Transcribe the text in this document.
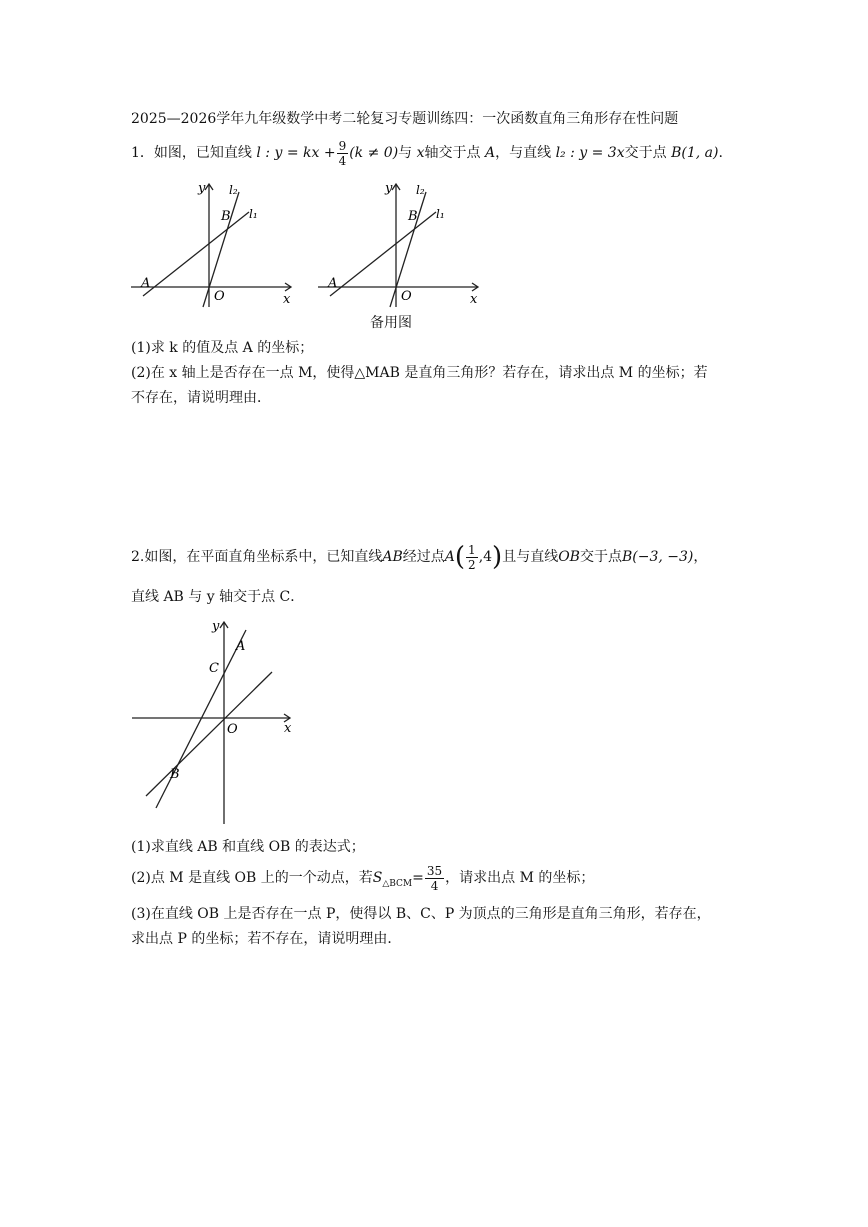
2025—2026学年九年级数学中考二轮复习专题训练四：一次函数直角三角形存在性问题
1．如图，已知直线 l : y = kx + $\frac{9}{4} (k \ne 0)$与 x轴交于点 A，与直线 l₂ : y = 3x交于点 B(1, a).
y
x
O
A
B l₁
l₂	y
x
O
A
B l₁
l₂
备用图
(1)求 k 的值及点 A 的坐标；
(2)在 x 轴上是否存在一点 M，使得△MAB 是直角三角形？若存在，请求出点 M 的坐标；若
不存在，请说明理由．
2.如图，在平面直角坐标系中，已知直线AB经过点$A( \frac{1}{2} ,4)$且与直线OB交于点B(−3, −3)，
直线 AB 与 y 轴交于点 C．
y
x
O
A
C
B
(1)求直线 AB 和直线 OB 的表达式；
(2)点 M 是直线 OB 上的一个动点，若$S_{\triangle BCM}= \frac{35}{4}$ ，请求出点 M 的坐标；
(3)在直线 OB 上是否存在一点 P，使得以 B、C、P 为顶点的三角形是直角三角形，若存在，
求出点 P 的坐标；若不存在，请说明理由．
